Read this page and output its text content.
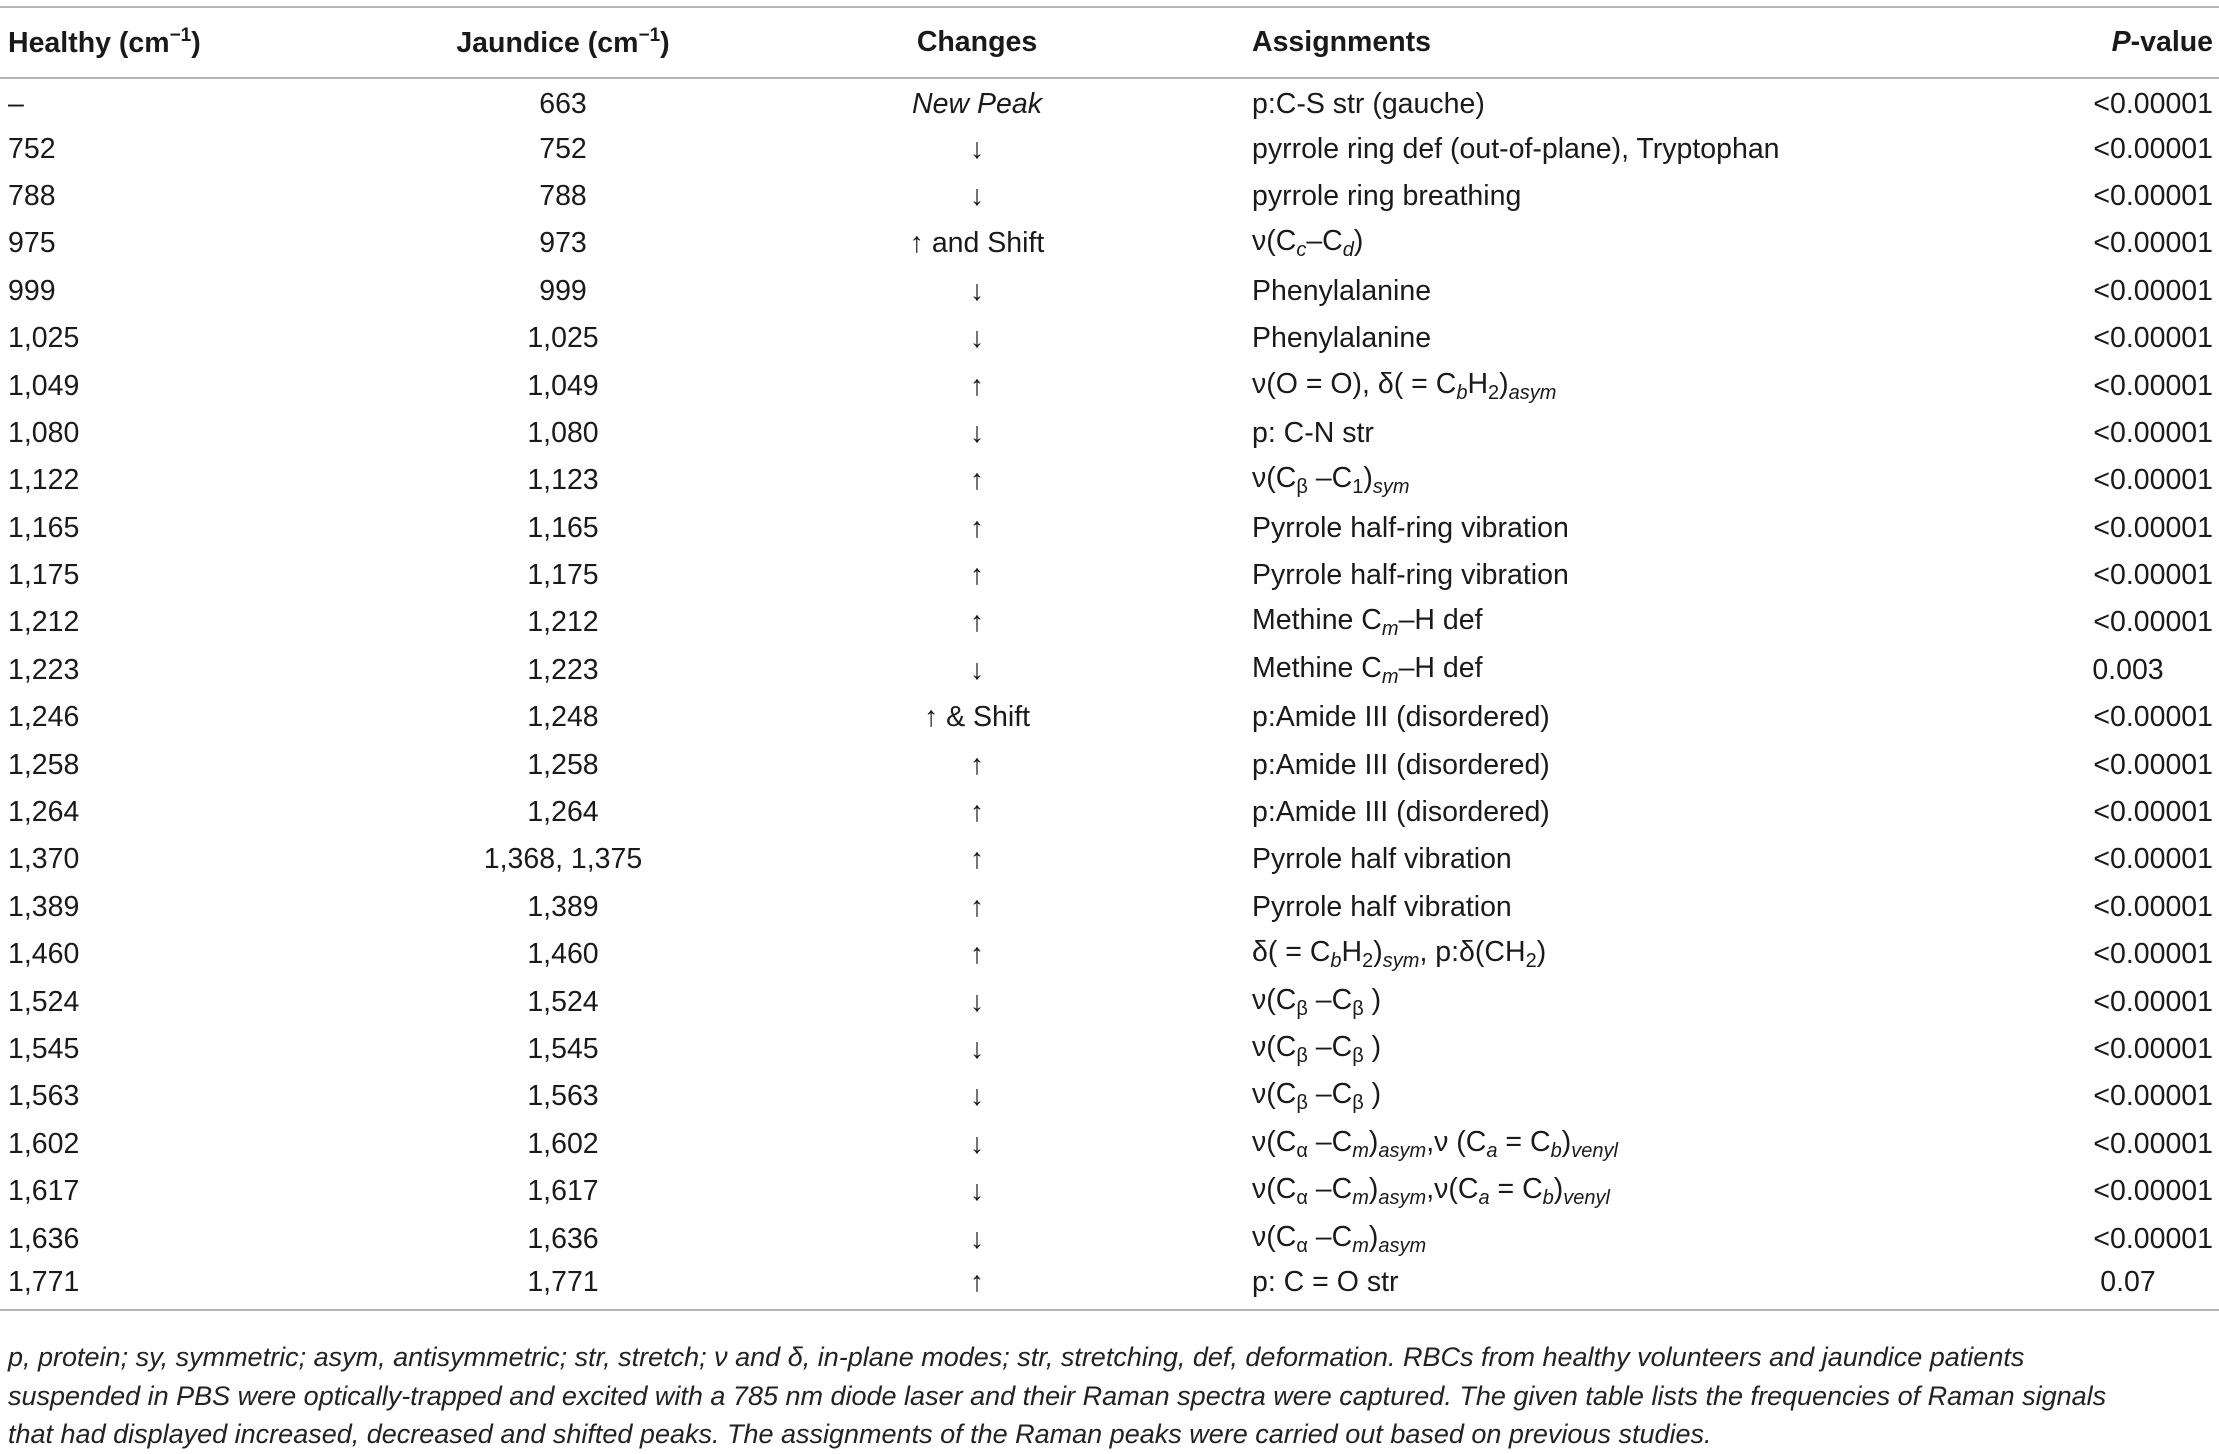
Healthy $(cm^{-1})$	Jaundice $(cm^{-1})$	Changes	Assignments	P-value
–	663	New Peak	p:C-S str (gauche)	<0.00001
752	752	↓	pyrrole ring def (out-of-plane), Tryptophan	<0.00001
788	788	↓	pyrrole ring breathing	<0.00001
975	973	↑ and Shift	$\nu(C_c-C_d)$	<0.00001
999	999	↓	Phenylalanine	<0.00001
1,025	1,025	↓	Phenylalanine	<0.00001
1,049	1,049	↑	ν(O = O), $\delta( = C_bH_2)_{asym}$	<0.00001
1,080	1,080	↓	p: C-N str	<0.00001
1,122	1,123	↑	$\nu(C_\beta$ $-C_1)_{sym}$	<0.00001
1,165	1,165	↑	Pyrrole half-ring vibration	<0.00001
1,175	1,175	↑	Pyrrole half-ring vibration	<0.00001
1,212	1,212	↑	Methine $C_m-H$ def	<0.00001
1,223	1,223	↓	Methine $C_m-H$ def	0.003
1,246	1,248	↑ & Shift	p:Amide III (disordered)	<0.00001
1,258	1,258	↑	p:Amide III (disordered)	<0.00001
1,264	1,264	↑	p:Amide III (disordered)	<0.00001
1,370	1,368, 1,375	↑	Pyrrole half vibration	<0.00001
1,389	1,389	↑	Pyrrole half vibration	<0.00001
1,460	1,460	↑	$\delta( = C_bH_2)_{sym}$, $p:\delta(CH_2)$	<0.00001
1,524	1,524	↓	$\nu(C_\beta$ $-C_\beta$ )	<0.00001
1,545	1,545	↓	$\nu(C_\beta$ $-C_\beta$ )	<0.00001
1,563	1,563	↓	$\nu(C_\beta$ $-C_\beta$ )	<0.00001
1,602	1,602	↓	$\nu(C_\alpha$ $-C_m)_{asym},\nu$ $(C_a = C_b)_{venyl}$	<0.00001
1,617	1,617	↓	$\nu(C_\alpha$ $-C_m)_{asym},\nu(C_a = C_b)_{venyl}$	<0.00001
1,636	1,636	↓	$\nu(C_\alpha$ $-C_m)_{asym}$	<0.00001
1,771	1,771	↑	p: C = O str	0.07
p, protein; sy, symmetric; asym, antisymmetric; str, stretch; ν and δ, in-plane modes; str, stretching, def, deformation. RBCs from healthy volunteers and jaundice patients suspended in PBS were optically-trapped and excited with a 785 nm diode laser and their Raman spectra were captured. The given table lists the frequencies of Raman signals that had displayed increased, decreased and shifted peaks. The assignments of the Raman peaks were carried out based on previous studies.
